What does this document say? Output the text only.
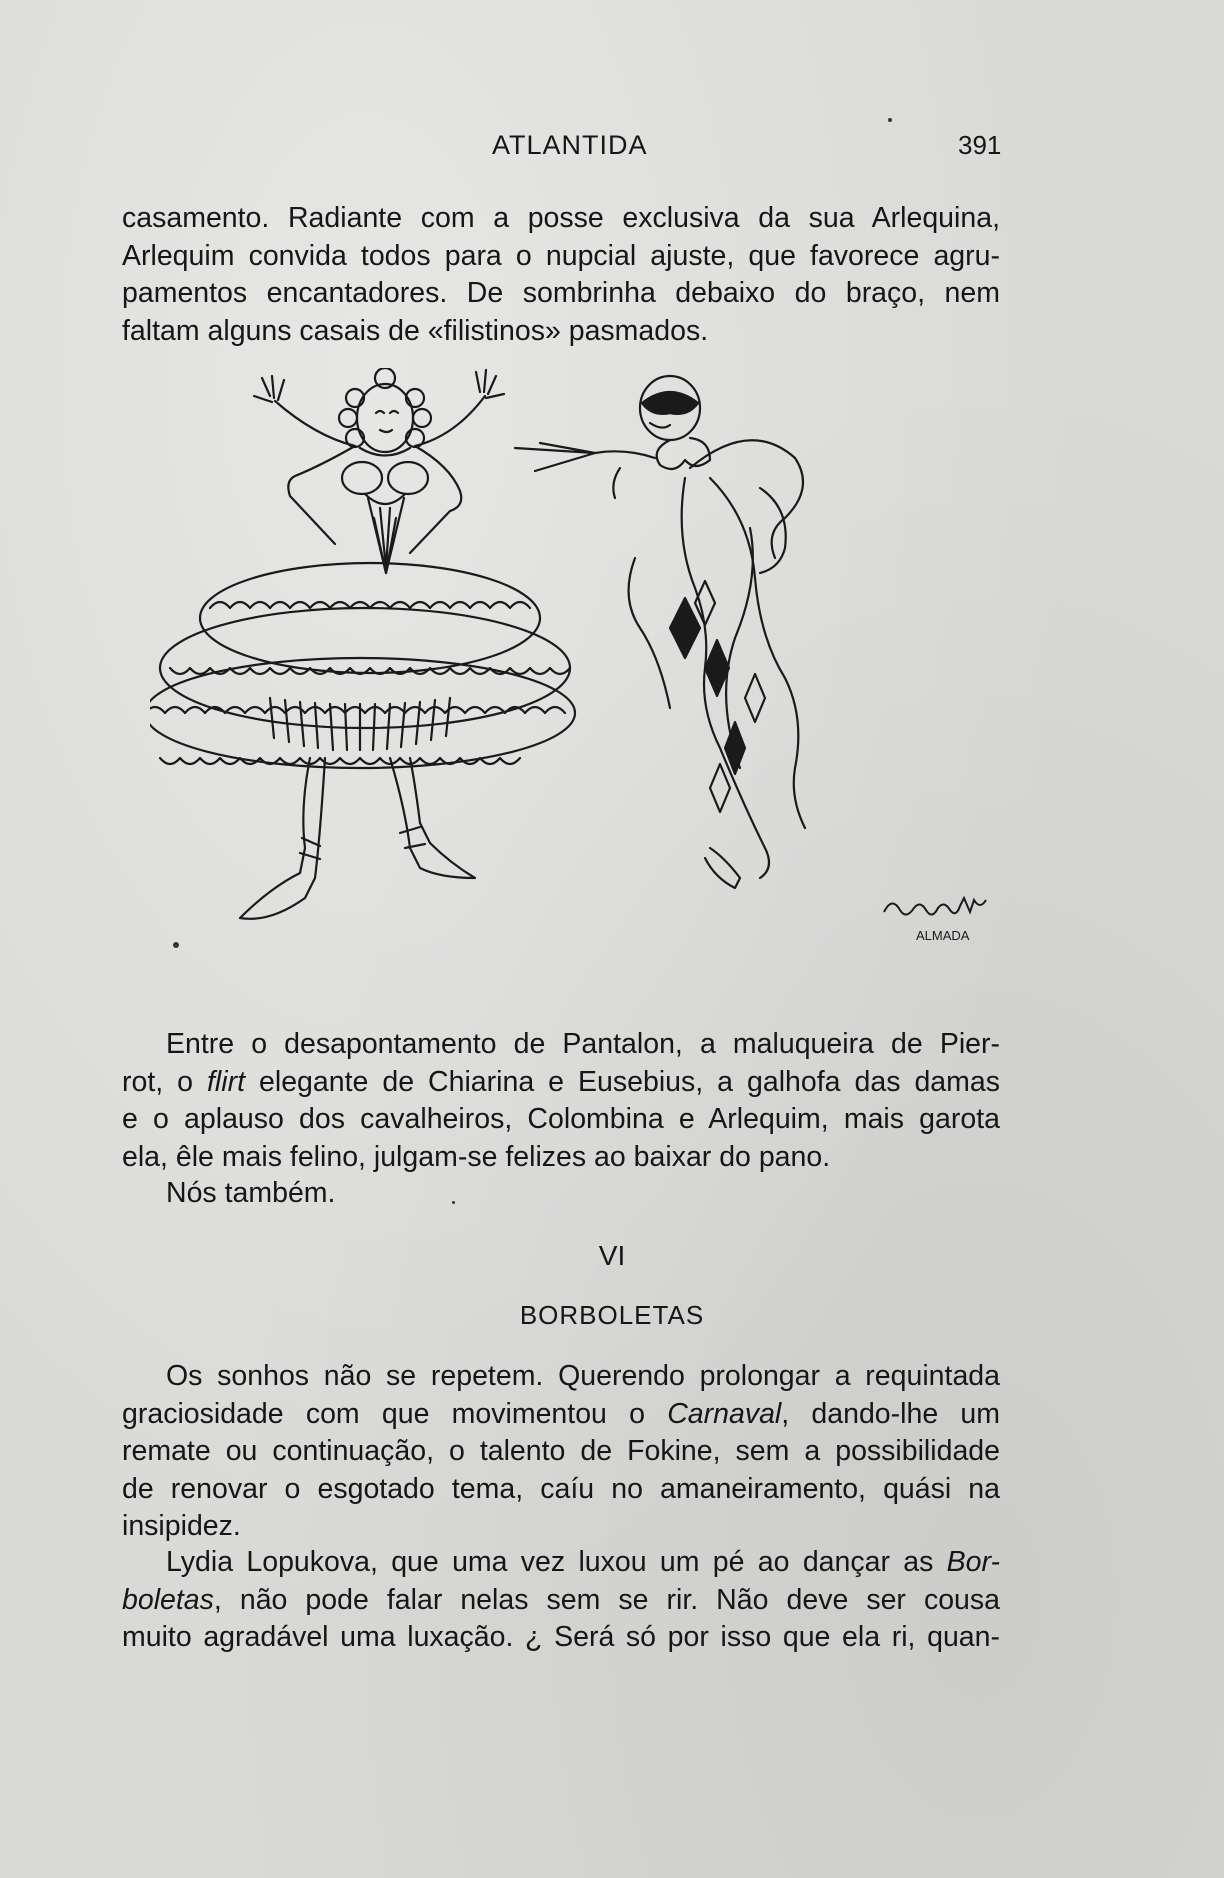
ATLANTIDA	391
casamento. Radiante com a posse exclusiva da sua Arlequina,
Arlequim convida todos para o nupcial ajuste, que favorece agru-
pamentos encantadores. De sombrinha debaixo do braço, nem
faltam alguns casais de «filistinos» pasmados.
ALMADA
Entre o desapontamento de Pantalon, a maluqueira de Pier-
rot, o flirt elegante de Chiarina e Eusebius, a galhofa das damas
e o aplauso dos cavalheiros, Colombina e Arlequim, mais garota
ela, êle mais felino, julgam-se felizes ao baixar do pano.
Nós também.
VI
BORBOLETAS
Os sonhos não se repetem. Querendo prolongar a requintada
graciosidade com que movimentou o Carnaval, dando-lhe um
remate ou continuação, o talento de Fokine, sem a possibilidade
de renovar o esgotado tema, caíu no amaneiramento, quási na
insipidez.
Lydia Lopukova, que uma vez luxou um pé ao dançar as Bor-
boletas, não pode falar nelas sem se rir. Não deve ser cousa
muito agradável uma luxação. ¿ Será só por isso que ela ri, quan-
